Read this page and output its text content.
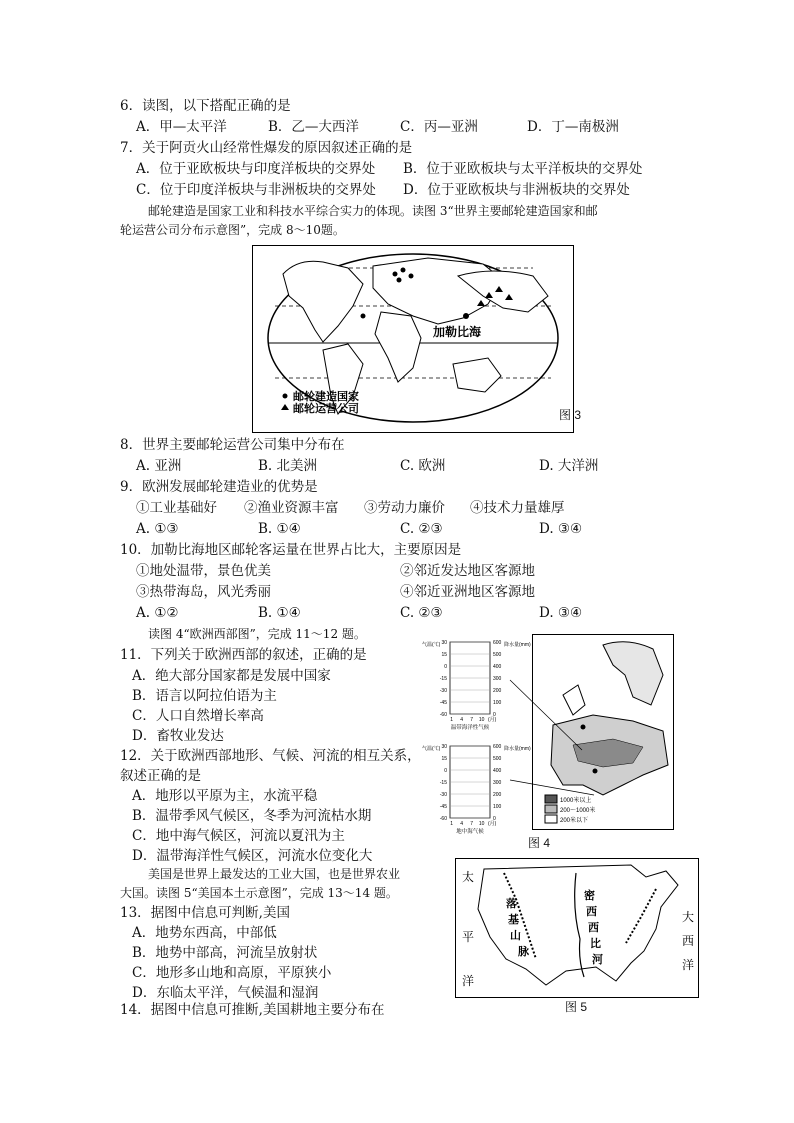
6．读图，以下搭配正确的是
A．甲—太平洋	B．乙—大西洋	C．丙—亚洲	D．丁—南极洲
7．关于阿贡火山经常性爆发的原因叙述正确的是
A．位于亚欧板块与印度洋板块的交界处 B．位于亚欧板块与太平洋板块的交界处
C．位于印度洋板块与非洲板块的交界处 D．位于亚欧板块与非洲板块的交界处
邮轮建造是国家工业和科技水平综合实力的体现。读图 3“世界主要邮轮建造国家和邮
轮运营公司分布示意图”，完成 8～10题。
加勒比海
邮轮建造国家
邮轮运营公司	图 3
8．世界主要邮轮运营公司集中分布在
A. 亚洲	B. 北美洲	C. 欧洲	D. 大洋洲
9．欧洲发展邮轮建造业的优势是
①工业基础好 ②渔业资源丰富 ③劳动力廉价 ④技术力量雄厚
A. ①③	B. ①④	C. ②③	D. ③④
10．加勒比海地区邮轮客运量在世界占比大，主要原因是
①地处温带，景色优美	②邻近发达地区客源地
③热带海岛，风光秀丽	④邻近亚洲地区客源地
A. ①②	B. ①④	C. ②③	D. ③④
读图 4“欧洲西部图”，完成 11～12 题。
11．下列关于欧洲西部的叙述，正确的是
A．绝大部分国家都是发展中国家
B．语言以阿拉伯语为主
C．人口自然增长率高
D．畜牧业发达
12．关于欧洲西部地形、气候、河流的相互关系，
叙述正确的是
A．地形以平原为主，水流平稳
B．温带季风气候区，冬季为河流枯水期
C．地中海气候区，河流以夏汛为主
D．温带海洋性气候区，河流水位变化大
30
15
0
-15
-30
-45
-60
600
500
400
300
200
100
0
1 4 7 10 (月)
气温(℃)	降水量(mm)
温带海洋性气候
30
15
0
-15
-30
-45
-60
600
500
400
300
200
100
0
1 4 7 10 (月)
气温(℃)	降水量(mm)
地中海气候
1000米以上
200～1000米
200米以下
图 4
美国是世界上最发达的工业大国，也是世界农业
大国。读图 5“美国本土示意图”，完成 13～14 题。
13．据图中信息可判断,美国
A．地势东西高，中部低
B．地势中部高，河流呈放射状
C．地形多山地和高原，平原狭小
D．东临太平洋，气候温和湿润
太
平
洋
大
西
洋
落
基
山
脉
密
西
西
比
河
图 5
14．据图中信息可推断,美国耕地主要分布在
